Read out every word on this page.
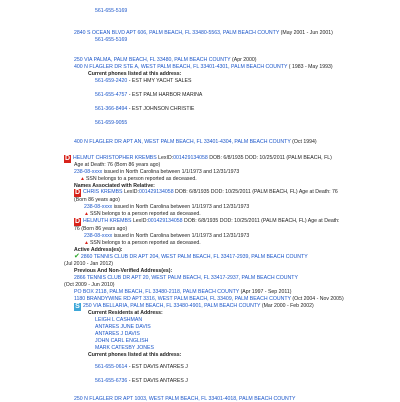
561-655-5169
2840 S OCEAN BLVD APT 606, PALM BEACH, FL 33480-5563, PALM BEACH COUNTY (May 2001 - Jun 2001)
561-655-5169
250 VIA PALMA, PALM BEACH, FL 33480, PALM BEACH COUNTY (Apr 2000)
400 N FLAGLER DR STE A, WEST PALM BEACH, FL 33401-4301, PALM BEACH COUNTY ( 1983 - May 1993)
Current phones listed at this address:
561-659-2420 - EST HMY YACHT SALES
561-655-4757 - EST PALM HARBOR MARINA
561-366-8494 - EST JOHNSON CHRISTIE
561-659-9055
400 N FLAGLER DR APT AN, WEST PALM BEACH, FL 33401-4304, PALM BEACH COUNTY (Oct 1994)
D HELMUT CHRISTOPHER KREMBS LexID:001429134058 DOB: 6/8/1935 DOD: 10/25/2011 (PALM BEACH, FL)
Age at Death: 76 (Born 86 years ago)
238-08-xxxx issued in North Carolina between 1/1/1973 and 12/31/1973
▲SSN belongs to a person reported as deceased.
Names Associated with Relative:
D CHRIS KREMBS LexID:001429134058 DOB: 6/8/1935 DOD: 10/25/2011 (PALM BEACH, FL) Age at Death: 76
(Born 86 years ago)
238-08-xxxx issued in North Carolina between 1/1/1973 and 12/31/1973
▲SSN belongs to a person reported as deceased.
D HELMUTH KREMBS LexID:001429134058 DOB: 6/8/1935 DOD: 10/25/2011 (PALM BEACH, FL) Age at Death:
76 (Born 86 years ago)
238-08-xxxx issued in North Carolina between 1/1/1973 and 12/31/1973
▲SSN belongs to a person reported as deceased.
Active Address(es):
✔2860 TENNIS CLUB DR APT 204, WEST PALM BEACH, FL 33417-2939, PALM BEACH COUNTY
(Jul 2010 - Jan 2012)
Previous And Non-Verified Address(es):
2866 TENNIS CLUB DR APT 20, WEST PALM BEACH, FL 33417-2937, PALM BEACH COUNTY
(Oct 2009 - Jun 2010)
PO BOX 2118, PALM BEACH, FL 33480-2118, PALM BEACH COUNTY (Apr 1997 - Sep 2011)
1180 BRANDYWINE RD APT 3316, WEST PALM BEACH, FL 33409, PALM BEACH COUNTY (Oct 2004 - Nov 2005)
S 250 VIA BELLARIA, PALM BEACH, FL 33480-4901, PALM BEACH COUNTY (Mar 2000 - Feb 2002)
Current Residents at Address:
LEIGH L CASHMAN
ANTARES JUNE DAVIS
ANTARES J DAVIS
JOHN CARL ENGLISH
MARK CATESBY JONES
Current phones listed at this address:
561-655-0614 - EST DAVIS ANTARES J
561-655-6736 - EST DAVIS ANTARES J
250 N FLAGLER DR APT 1003, WEST PALM BEACH, FL 33401-4018, PALM BEACH COUNTY
